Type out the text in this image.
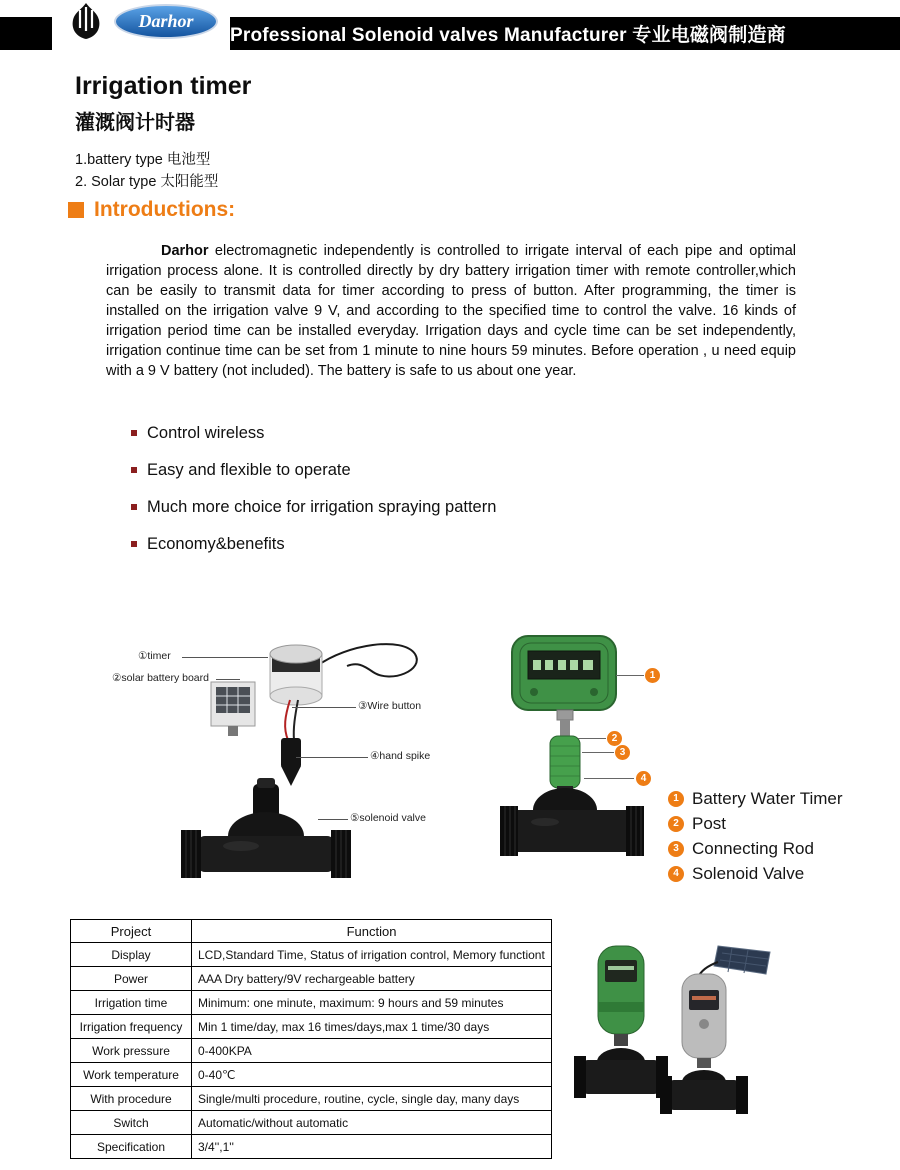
Darhor
Professional Solenoid valves Manufacturer 专业电磁阀制造商
Irrigation timer
灌溉阀计时器
1.battery type 电池型
2. Solar type 太阳能型
Introductions:
Darhor electromagnetic independently is controlled to irrigate interval of each pipe and optimal irrigation process alone. It is controlled directly by dry battery irrigation timer with remote controller,which can be easily to transmit data for timer according to press of button. After programming, the timer is installed on the irrigation valve 9 V, and according to the specified time to control the valve. 16 kinds of irrigation period time can be installed everyday. Irrigation days and cycle time can be set independently, irrigation continue time can be set from 1 minute to nine hours 59 minutes. Before operation , u need equip with a 9 V battery (not included). The battery is safe to us about one year.
Control wireless
Easy and flexible to operate
Much more choice for irrigation spraying pattern
Economy&benefits
①timer
②solar battery board
③Wire button
④hand spike
⑤solenoid valve
1
2
3
4
1 Battery Water Timer
2 Post
3 Connecting Rod
4 Solenoid Valve
Project	Function
Display	LCD,Standard Time, Status of irrigation control, Memory functiont
Power	AAA Dry battery/9V rechargeable battery
Irrigation time	Minimum: one minute, maximum: 9 hours and 59 minutes
Irrigation frequency	Min 1 time/day, max 16 times/days,max 1 time/30 days
Work pressure	0-400KPA
Work temperature	0-40℃
With procedure	Single/multi procedure, routine, cycle, single day, many days
Switch	Automatic/without automatic
Specification	3/4'',1''
